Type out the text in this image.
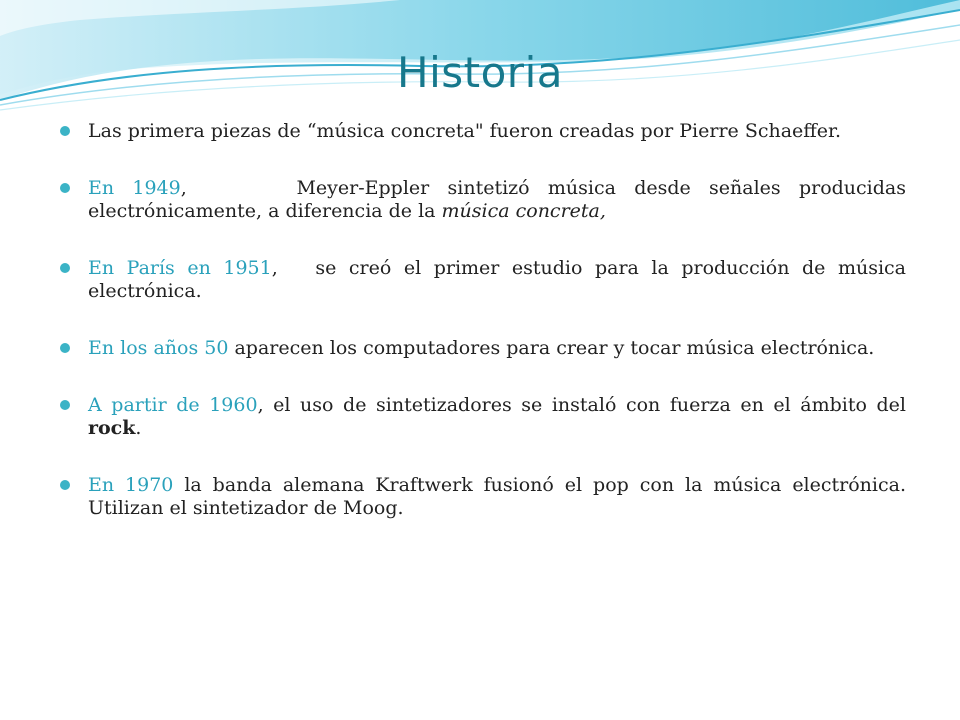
Historia
Las primera piezas de “música concreta" fueron creadas por Pierre Schaeffer.
En 1949,      Meyer-Eppler sintetizó música desde señales producidas electrónicamente, a diferencia de la música concreta,
En París en 1951,   se creó el primer estudio para la producción de música electrónica.
En los años 50 aparecen los computadores para crear y tocar música electrónica.
A partir de 1960, el uso de sintetizadores se instaló con fuerza en el ámbito del rock.
En 1970 la banda alemana Kraftwerk fusionó el pop con la música electrónica. Utilizan el sintetizador de Moog.
